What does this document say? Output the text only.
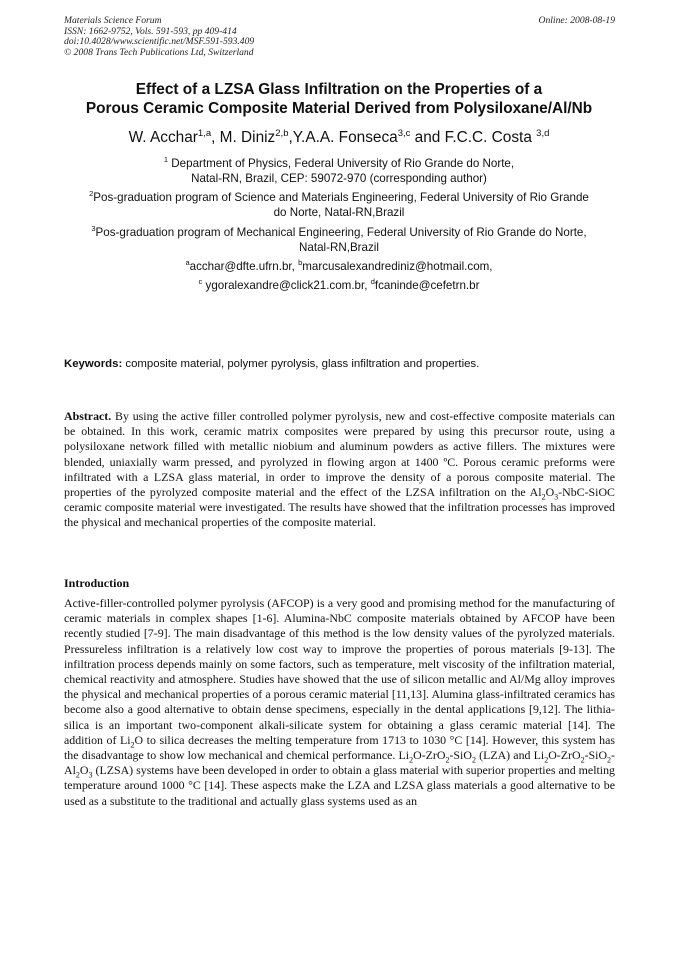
Materials Science Forum
ISSN: 1662-9752, Vols. 591-593, pp 409-414
doi:10.4028/www.scientific.net/MSF.591-593.409
© 2008 Trans Tech Publications Ltd, Switzerland
Online: 2008-08-19
Effect of a LZSA Glass Infiltration on the Properties of a
Porous Ceramic Composite Material Derived from Polysiloxane/Al/Nb
W. Acchar$^{1,a}$, M. Diniz$^{2,b}$,Y.A.A. Fonseca$^{3,c}$ and F.C.C. Costa $^{3,d}$
$^1$ Department of Physics, Federal University of Rio Grande do Norte,
Natal-RN, Brazil, CEP: 59072-970 (corresponding author)
$^2$Pos-graduation program of Science and Materials Engineering, Federal University of Rio Grande
do Norte, Natal-RN,Brazil
$^3$Pos-graduation program of Mechanical Engineering, Federal University of Rio Grande do Norte,
Natal-RN,Brazil
$^a$acchar@dfte.ufrn.br, $^b$marcusalexandrediniz@hotmail.com,
$^c$ ygoralexandre@click21.com.br, $^d$fcaninde@cefetrn.br
Keywords: composite material, polymer pyrolysis, glass infiltration and properties.
Abstract. By using the active filler controlled polymer pyrolysis, new and cost-effective composite materials can be obtained. In this work, ceramic matrix composites were prepared by using this precursor route, using a polysiloxane network filled with metallic niobium and aluminum powders as active fillers. The mixtures were blended, uniaxially warm pressed, and pyrolyzed in flowing argon at 1400 ºC. Porous ceramic preforms were infiltrated with a LZSA glass material, in order to improve the density of a porous composite material. The properties of the pyrolyzed composite material and the effect of the LZSA infiltration on the $Al_2O_3-NbC$-SiOC ceramic composite material were investigated. The results have showed that the infiltration processes has improved the physical and mechanical properties of the composite material.
Introduction
Active-filler-controlled polymer pyrolysis (AFCOP) is a very good and promising method for the manufacturing of ceramic materials in complex shapes [1-6]. Alumina-NbC composite materials obtained by AFCOP have been recently studied [7-9]. The main disadvantage of this method is the low density values of the pyrolyzed materials. Pressureless infiltration is a relatively low cost way to improve the properties of porous materials [9-13]. The infiltration process depends mainly on some factors, such as temperature, melt viscosity of the infiltration material, chemical reactivity and atmosphere. Studies have showed that the use of silicon metallic and Al/Mg alloy improves the physical and mechanical properties of a porous ceramic material [11,13]. Alumina glass-infiltrated ceramics has become also a good alternative to obtain dense specimens, especially in the dental applications [9,12]. The lithia-silica is an important two-component alkali-silicate system for obtaining a glass ceramic material [14]. The addition of $Li_2O$ to silica decreases the melting temperature from 1713 to 1030 °C [14]. However, this system has the disadvantage to show low mechanical and chemical performance. $Li_2O-ZrO_2-SiO_2$ (LZA) and $Li_2O-ZrO_2-SiO_2-Al_2O_3$ (LZSA) systems have been developed in order to obtain a glass material with superior properties and melting temperature around 1000 °C [14]. These aspects make the LZA and LZSA glass materials a good alternative to be used as a substitute to the traditional and actually glass systems used as an
